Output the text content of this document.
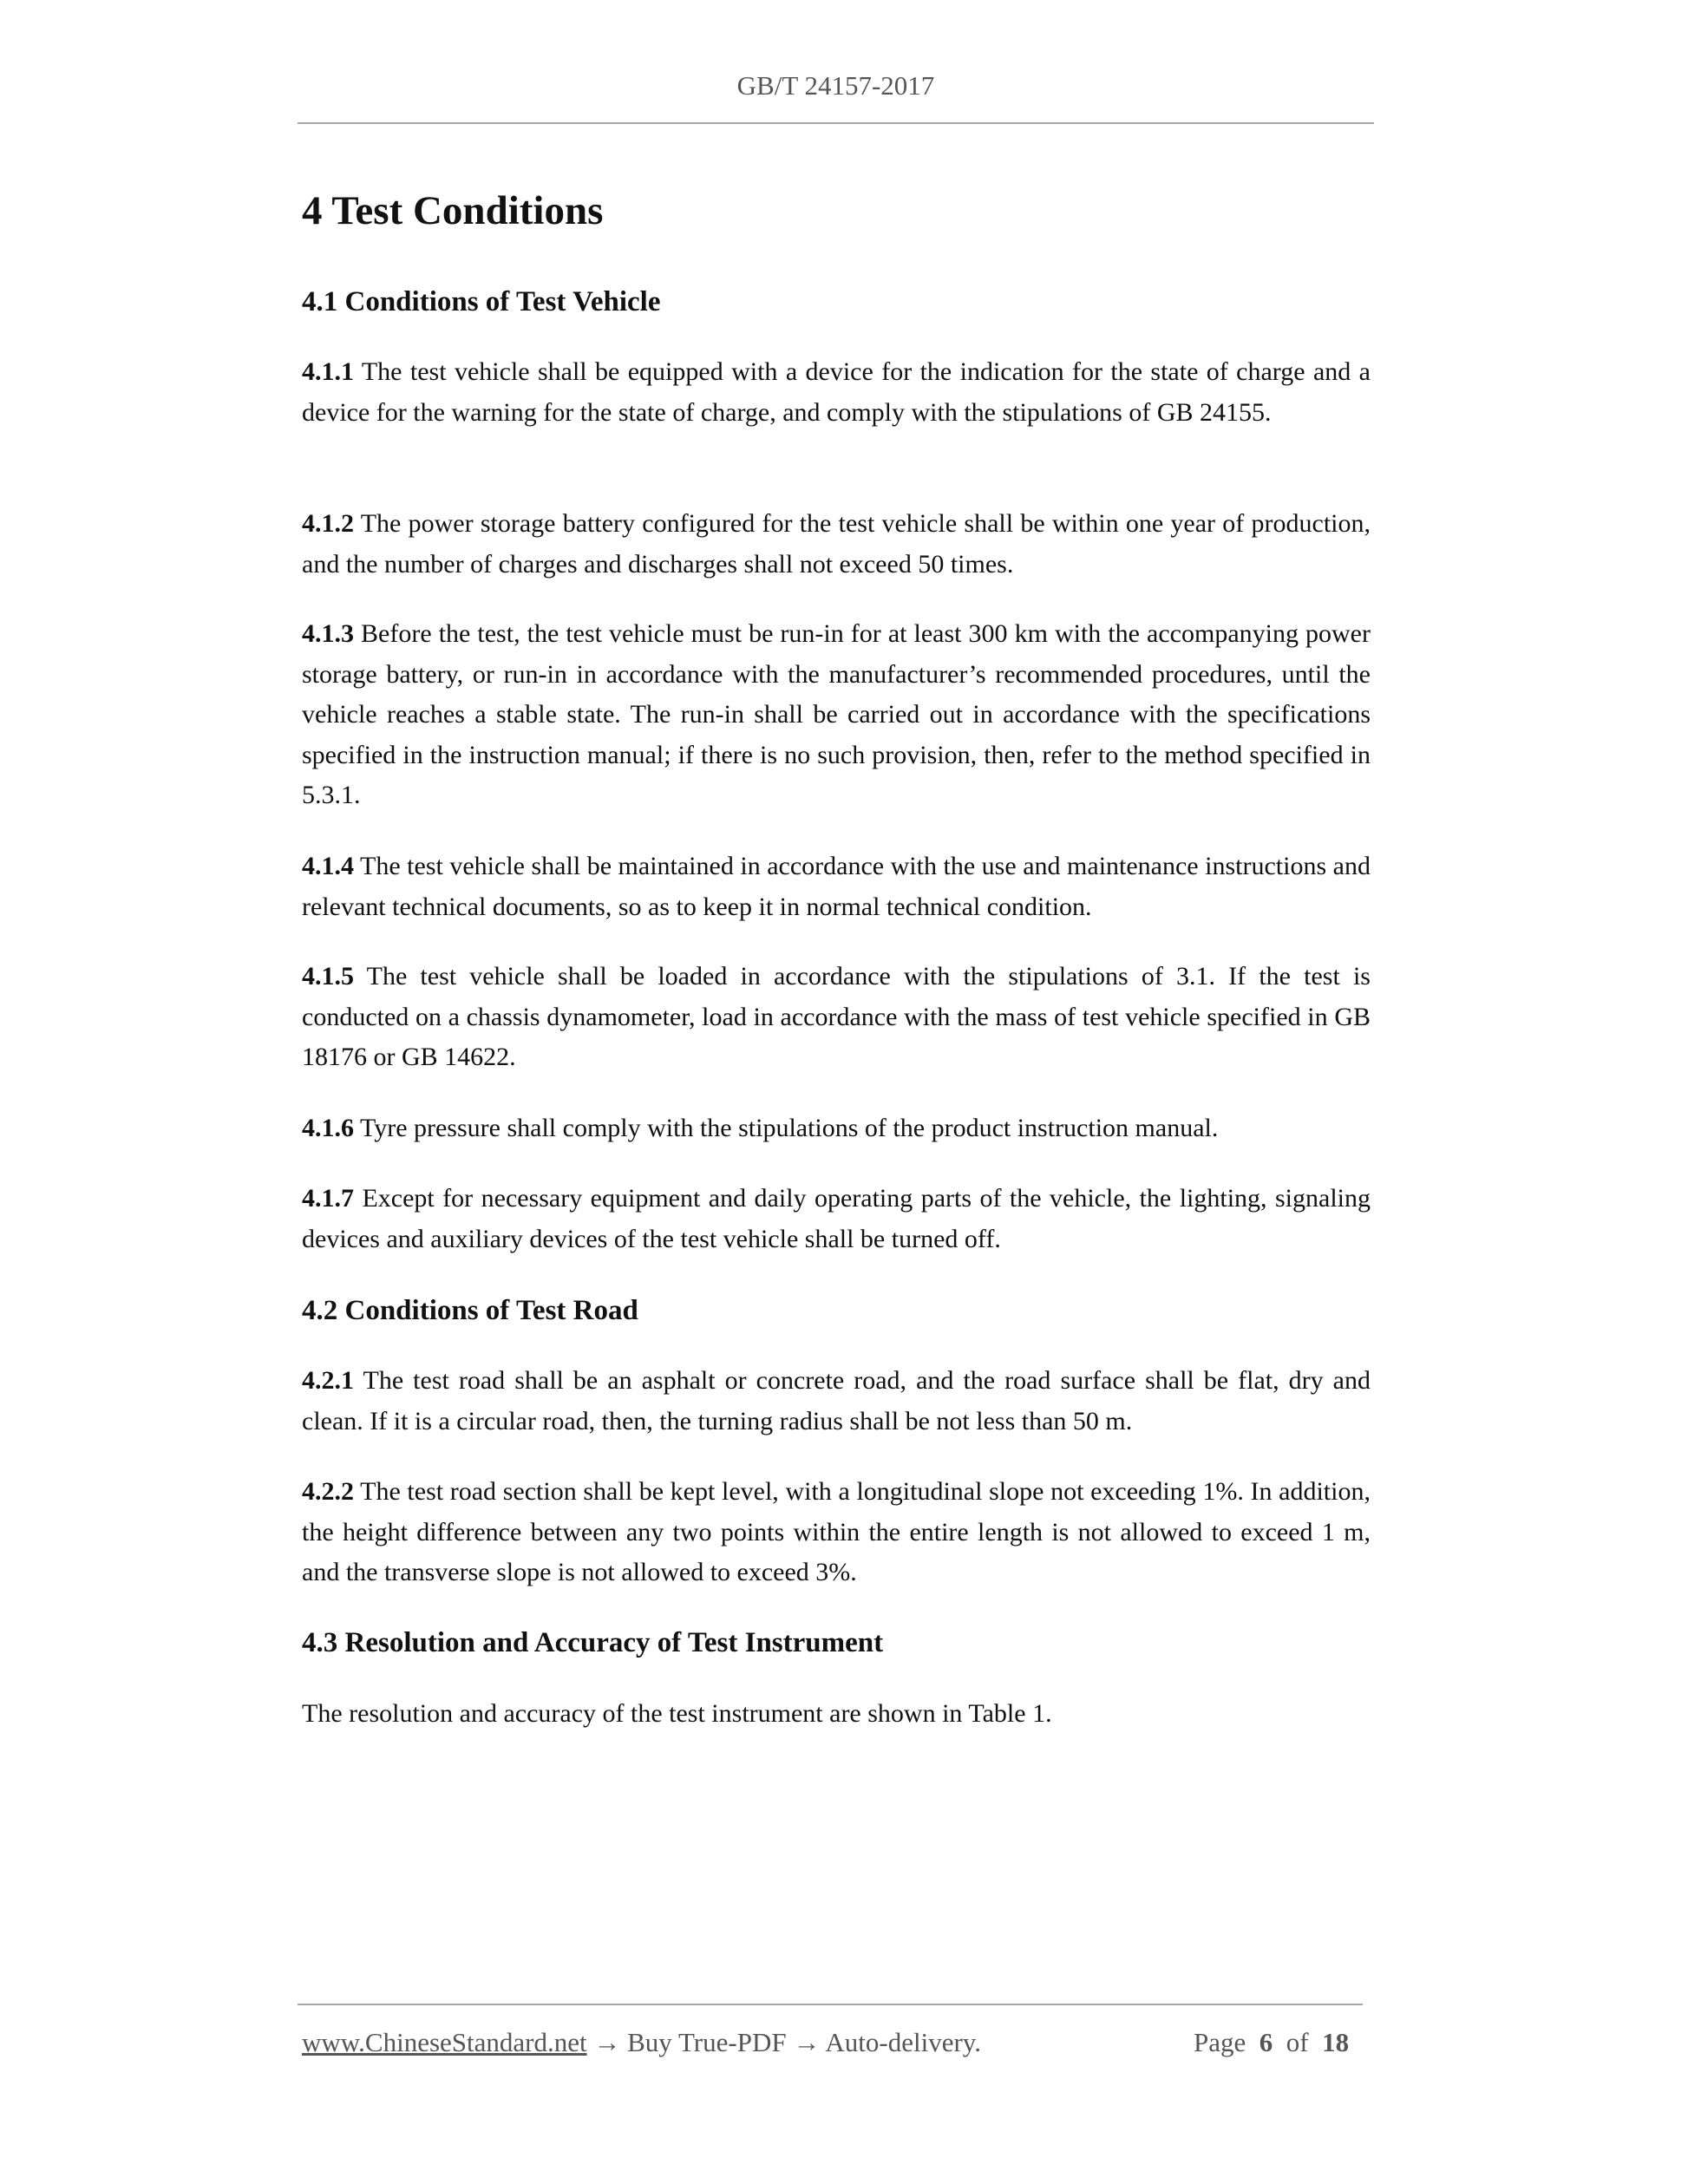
GB/T 24157-2017
4 Test Conditions
4.1 Conditions of Test Vehicle
4.1.1 The test vehicle shall be equipped with a device for the indication for the state of charge and a device for the warning for the state of charge, and comply with the stipulations of GB 24155.
4.1.2 The power storage battery configured for the test vehicle shall be within one year of production, and the number of charges and discharges shall not exceed 50 times.
4.1.3 Before the test, the test vehicle must be run-in for at least 300 km with the accompanying power storage battery, or run-in in accordance with the manufacturer’s recommended procedures, until the vehicle reaches a stable state. The run-in shall be carried out in accordance with the specifications specified in the instruction manual; if there is no such provision, then, refer to the method specified in 5.3.1.
4.1.4 The test vehicle shall be maintained in accordance with the use and maintenance instructions and relevant technical documents, so as to keep it in normal technical condition.
4.1.5 The test vehicle shall be loaded in accordance with the stipulations of 3.1. If the test is conducted on a chassis dynamometer, load in accordance with the mass of test vehicle specified in GB 18176 or GB 14622.
4.1.6 Tyre pressure shall comply with the stipulations of the product instruction manual.
4.1.7 Except for necessary equipment and daily operating parts of the vehicle, the lighting, signaling devices and auxiliary devices of the test vehicle shall be turned off.
4.2 Conditions of Test Road
4.2.1 The test road shall be an asphalt or concrete road, and the road surface shall be flat, dry and clean. If it is a circular road, then, the turning radius shall be not less than 50 m.
4.2.2 The test road section shall be kept level, with a longitudinal slope not exceeding 1%. In addition, the height difference between any two points within the entire length is not allowed to exceed 1 m, and the transverse slope is not allowed to exceed 3%.
4.3 Resolution and Accuracy of Test Instrument
The resolution and accuracy of the test instrument are shown in Table 1.
www.ChineseStandard.net → Buy True-PDF → Auto-delivery.	Page 6 of 18
